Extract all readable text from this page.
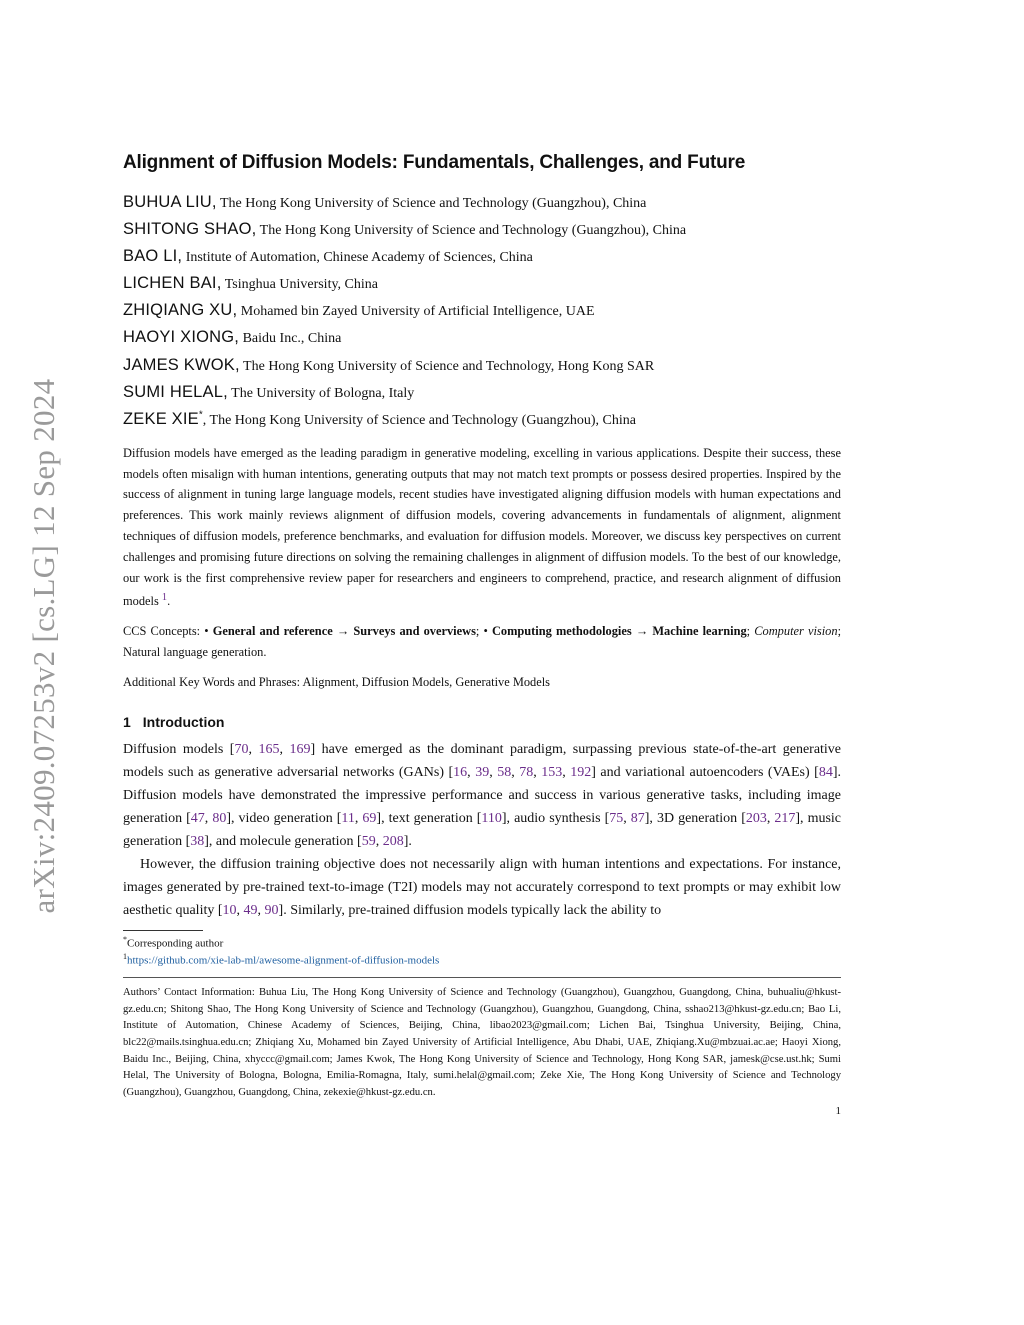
arXiv:2409.07253v2 [cs.LG] 12 Sep 2024
Alignment of Diffusion Models: Fundamentals, Challenges, and Future
BUHUA LIU, The Hong Kong University of Science and Technology (Guangzhou), China
SHITONG SHAO, The Hong Kong University of Science and Technology (Guangzhou), China
BAO LI, Institute of Automation, Chinese Academy of Sciences, China
LICHEN BAI, Tsinghua University, China
ZHIQIANG XU, Mohamed bin Zayed University of Artificial Intelligence, UAE
HAOYI XIONG, Baidu Inc., China
JAMES KWOK, The Hong Kong University of Science and Technology, Hong Kong SAR
SUMI HELAL, The University of Bologna, Italy
ZEKE XIE*, The Hong Kong University of Science and Technology (Guangzhou), China

Diffusion models have emerged as the leading paradigm in generative modeling, excelling in various applications. Despite their success, these models often misalign with human intentions, generating outputs that may not match text prompts or possess desired properties. Inspired by the success of alignment in tuning large language models, recent studies have investigated aligning diffusion models with human expectations and preferences. This work mainly reviews alignment of diffusion models, covering advancements in fundamentals of alignment, alignment techniques of diffusion models, preference benchmarks, and evaluation for diffusion models. Moreover, we discuss key perspectives on current challenges and promising future directions on solving the remaining challenges in alignment of diffusion models. To the best of our knowledge, our work is the first comprehensive review paper for researchers and engineers to comprehend, practice, and research alignment of diffusion models $^1$.

CCS Concepts: • General and reference → Surveys and overviews; • Computing methodologies → Machine learning; Computer vision; Natural language generation.

Additional Key Words and Phrases: Alignment, Diffusion Models, Generative Models

1 Introduction

Diffusion models [70, 165, 169] have emerged as the dominant paradigm, surpassing previous state-of-the-art generative models such as generative adversarial networks (GANs) [16, 39, 58, 78, 153, 192] and variational autoencoders (VAEs) [84]. Diffusion models have demonstrated the impressive performance and success in various generative tasks, including image generation [47, 80], video generation [11, 69], text generation [110], audio synthesis [75, 87], 3D generation [203, 217], music generation [38], and molecule generation [59, 208].

However, the diffusion training objective does not necessarily align with human intentions and expectations. For instance, images generated by pre-trained text-to-image (T2I) models may not accurately correspond to text prompts or may exhibit low aesthetic quality [10, 49, 90]. Similarly, pre-trained diffusion models typically lack the ability to

*Corresponding author
$^1$https://github.com/xie-lab-ml/awesome-alignment-of-diffusion-models

Authors’ Contact Information: Buhua Liu, The Hong Kong University of Science and Technology (Guangzhou), Guangzhou, Guangdong, China, buhualiu@hkust-gz.edu.cn; Shitong Shao, The Hong Kong University of Science and Technology (Guangzhou), Guangzhou, Guangdong, China, sshao213@hkust-gz.edu.cn; Bao Li, Institute of Automation, Chinese Academy of Sciences, Beijing, China, libao2023@gmail.com; Lichen Bai, Tsinghua University, Beijing, China, blc22@mails.tsinghua.edu.cn; Zhiqiang Xu, Mohamed bin Zayed University of Artificial Intelligence, Abu Dhabi, UAE, Zhiqiang.Xu@mbzuai.ac.ae; Haoyi Xiong, Baidu Inc., Beijing, China, xhyccc@gmail.com; James Kwok, The Hong Kong University of Science and Technology, Hong Kong SAR, jamesk@cse.ust.hk; Sumi Helal, The University of Bologna, Bologna, Emilia-Romagna, Italy, sumi.helal@gmail.com; Zeke Xie, The Hong Kong University of Science and Technology (Guangzhou), Guangzhou, Guangdong, China, zekexie@hkust-gz.edu.cn.

1
